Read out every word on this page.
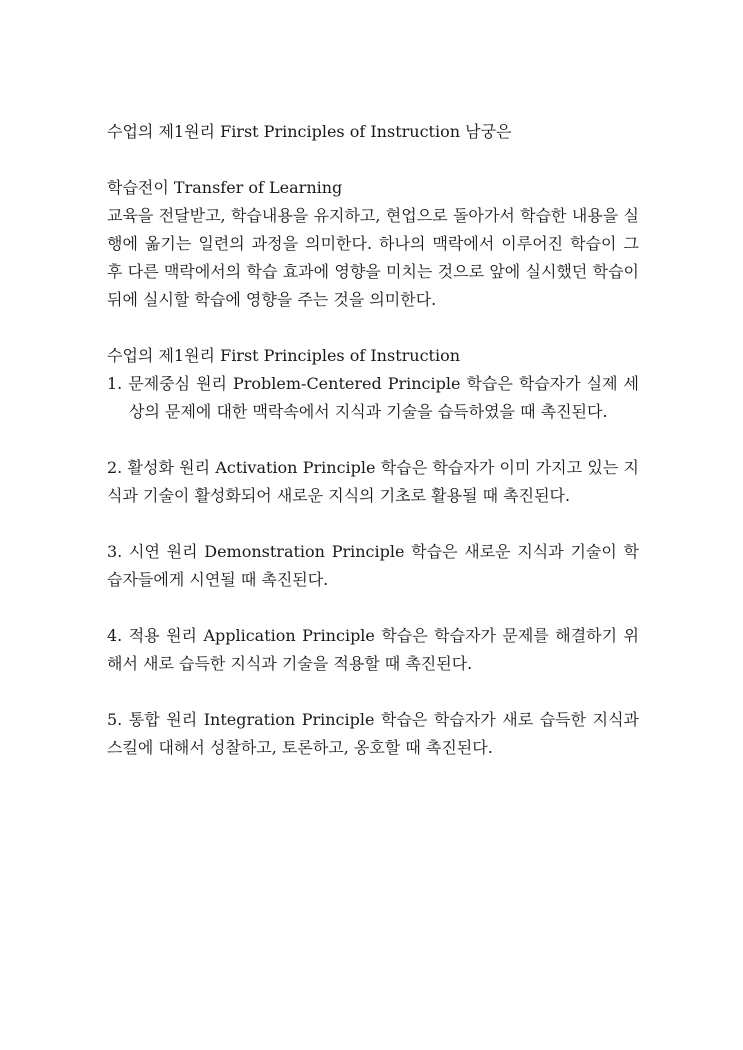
수업의 제1원리 First Principles of Instruction 남궁은

학습전이 Transfer of Learning

교육을 전달받고, 학습내용을 유지하고, 현업으로 돌아가서 학습한 내용을 실행에 옮기는 일련의 과정을 의미한다. 하나의 맥락에서 이루어진 학습이 그 후 다른 맥락에서의 학습 효과에 영향을 미치는 것으로 앞에 실시했던 학습이 뒤에 실시할 학습에 영향을 주는 것을 의미한다.

수업의 제1원리 First Principles of Instruction

1. 문제중심 원리 Problem-Centered Principle 학습은 학습자가 실제 세상의 문제에 대한 맥락속에서 지식과 기술을 습득하였을 때 촉진된다.

2. 활성화 원리 Activation Principle 학습은 학습자가 이미 가지고 있는 지식과 기술이 활성화되어 새로운 지식의 기초로 활용될 때 촉진된다.

3. 시연 원리 Demonstration Principle 학습은 새로운 지식과 기술이 학습자들에게 시연될 때 촉진된다.

4. 적용 원리 Application Principle 학습은 학습자가 문제를 해결하기 위해서 새로 습득한 지식과 기술을 적용할 때 촉진된다.

5. 통합 원리 Integration Principle 학습은 학습자가 새로 습득한 지식과 스킬에 대해서 성찰하고, 토론하고, 옹호할 때 촉진된다.
